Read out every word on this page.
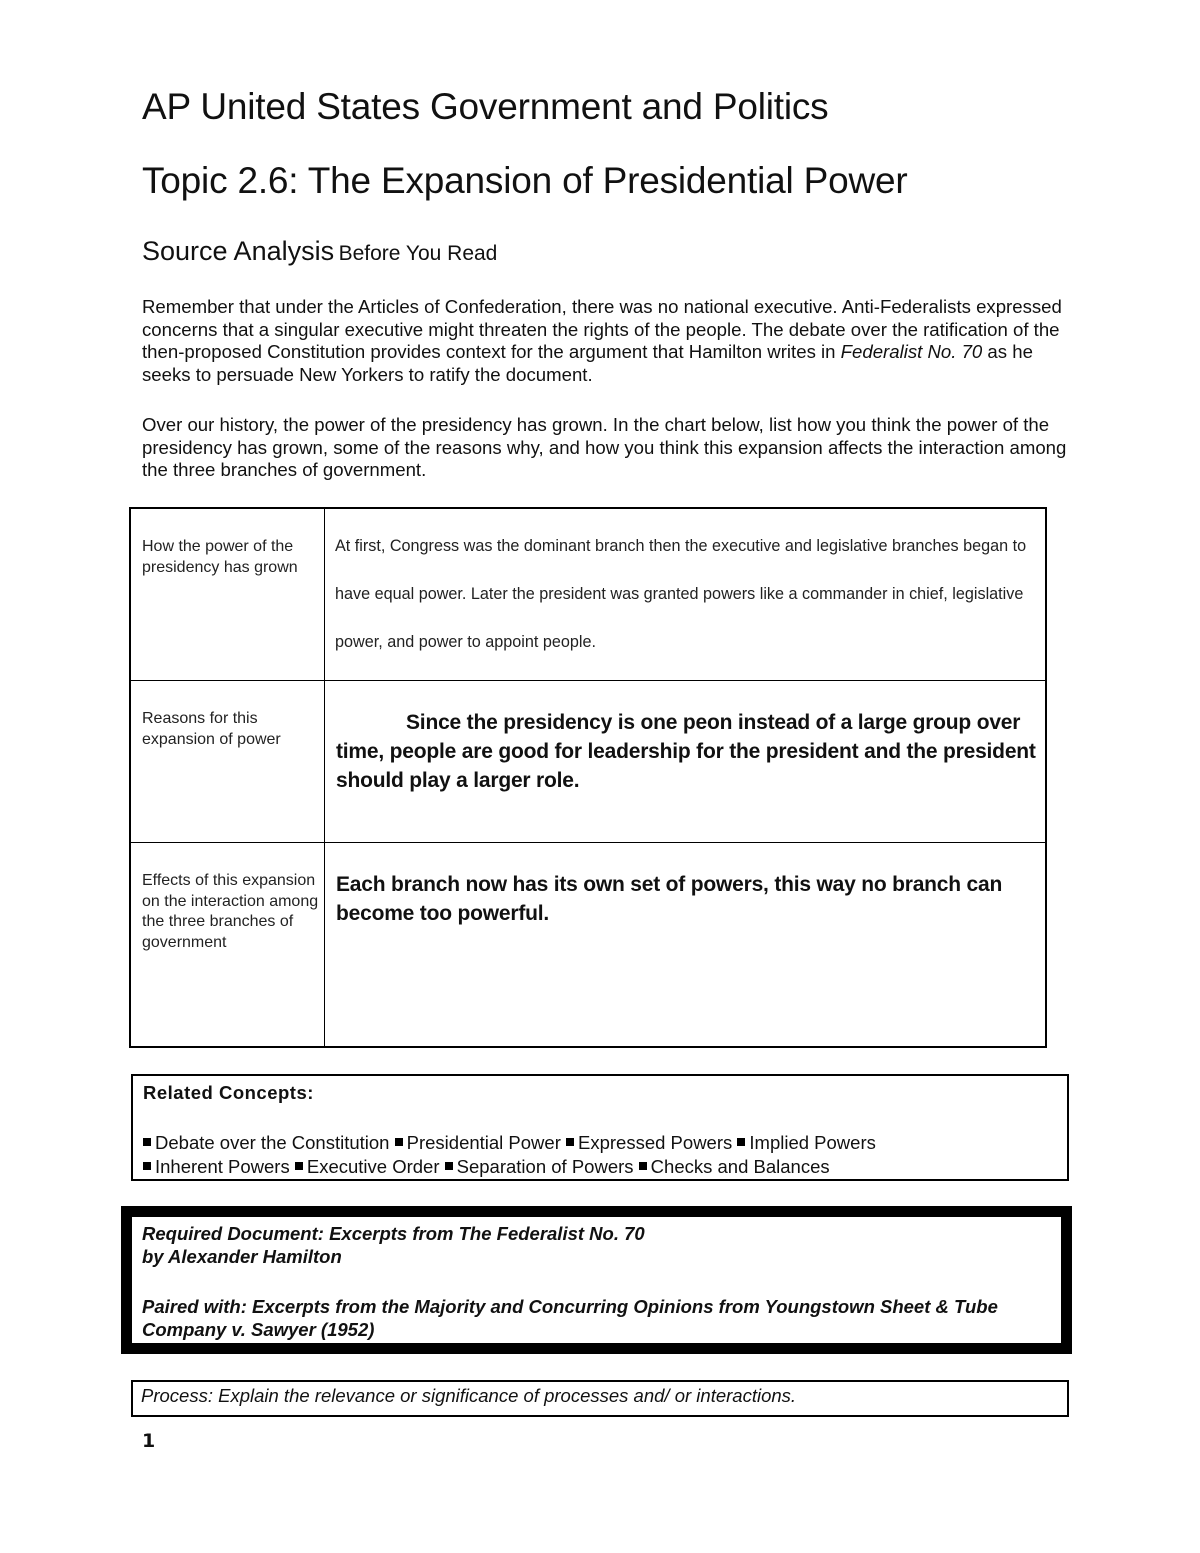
AP United States Government and Politics
Topic 2.6: The Expansion of Presidential Power
Source Analysis Before You Read
Remember that under the Articles of Confederation, there was no national executive. Anti-Federalists expressed concerns that a singular executive might threaten the rights of the people. The debate over the ratification of the then-proposed Constitution provides context for the argument that Hamilton writes in Federalist No. 70 as he seeks to persuade New Yorkers to ratify the document.
Over our history, the power of the presidency has grown. In the chart below, list how you think the power of the presidency has grown, some of the reasons why, and how you think this expansion affects the interaction among the three branches of government.
How the power of the presidency has grown
At first, Congress was the dominant branch then the executive and legislative branches began to have equal power. Later the president was granted powers like a commander in chief, legislative power, and power to appoint people.
Reasons for this expansion of power
Since the presidency is one peon instead of a large group over time, people are good for leadership for the president and the president should play a larger role.
Effects of this expansion on the interaction among the three branches of government
Each branch now has its own set of powers, this way no branch can become too powerful.
Related Concepts:
Debate over the Constitution Presidential Power Expressed Powers Implied Powers
Inherent Powers Executive Order Separation of Powers Checks and Balances
Required Document: Excerpts from The Federalist No. 70
by Alexander Hamilton
Paired with: Excerpts from the Majority and Concurring Opinions from Youngstown Sheet & Tube
Company v. Sawyer (1952)
Process: Explain the relevance or significance of processes and/ or interactions.
1
